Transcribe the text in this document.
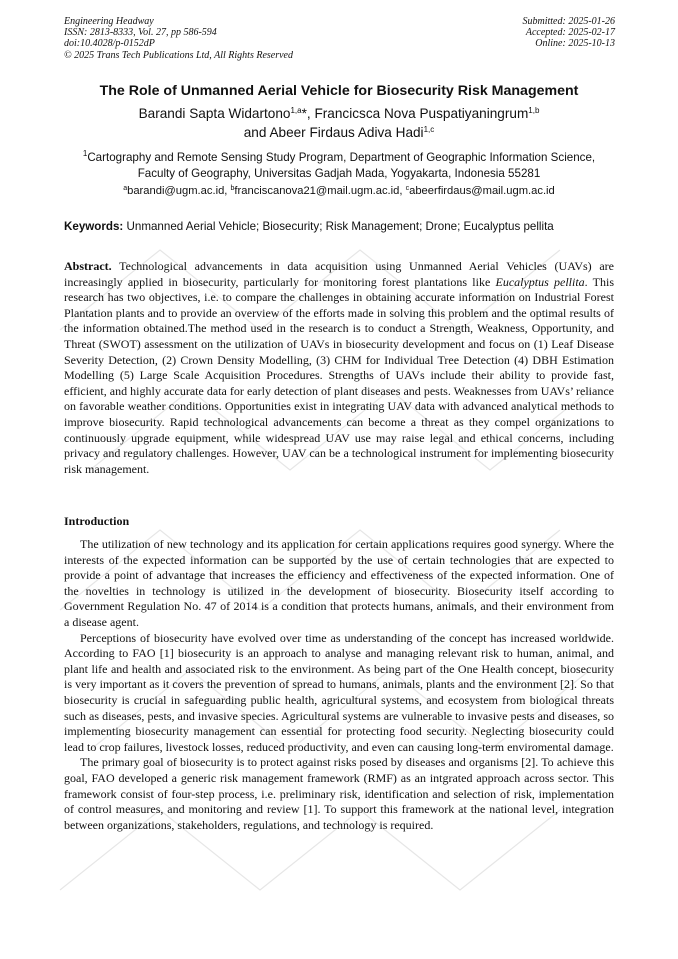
Engineering Headway
ISSN: 2813-8333, Vol. 27, pp 586-594
doi:10.4028/p-0152dP
© 2025 Trans Tech Publications Ltd, All Rights Reserved
Submitted: 2025-01-26
Accepted: 2025-02-17
Online: 2025-10-13
The Role of Unmanned Aerial Vehicle for Biosecurity Risk Management
Barandi Sapta Widartono$^{1,a}$*, Francicsca Nova Puspatiyaningrum$^{1,b}$
and Abeer Firdaus Adiva Hadi$^{1,c}$
$^1$Cartography and Remote Sensing Study Program, Department of Geographic Information Science, Faculty of Geography, Universitas Gadjah Mada, Yogyakarta, Indonesia 55281
$^a$barandi@ugm.ac.id, $^b$franciscanova21@mail.ugm.ac.id, $^c$abeerfirdaus@mail.ugm.ac.id
Keywords: Unmanned Aerial Vehicle; Biosecurity; Risk Management; Drone; Eucalyptus pellita

Abstract. Technological advancements in data acquisition using Unmanned Aerial Vehicles (UAVs) are increasingly applied in biosecurity, particularly for monitoring forest plantations like Eucalyptus pellita. This research has two objectives, i.e. to compare the challenges in obtaining accurate information on Industrial Forest Plantation plants and to provide an overview of the efforts made in solving this problem and the optimal results of the information obtained.The method used in the research is to conduct a Strength, Weakness, Opportunity, and Threat (SWOT) assessment on the utilization of UAVs in biosecurity development and focus on (1) Leaf Disease Severity Detection, (2) Crown Density Modelling, (3) CHM for Individual Tree Detection (4) DBH Estimation Modelling (5) Large Scale Acquisition Procedures. Strengths of UAVs include their ability to provide fast, efficient, and highly accurate data for early detection of plant diseases and pests. Weaknesses from UAVs’ reliance on favorable weather conditions. Opportunities exist in integrating UAV data with advanced analytical methods to improve biosecurity. Rapid technological advancements can become a threat as they compel organizations to continuously upgrade equipment, while widespread UAV use may raise legal and ethical concerns, including privacy and regulatory challenges. However, UAV can be a technological instrument for implementing biosecurity risk management.

Introduction

The utilization of new technology and its application for certain applications requires good synergy. Where the interests of the expected information can be supported by the use of certain technologies that are expected to provide a point of advantage that increases the efficiency and effectiveness of the expected information. One of the novelties in technology is utilized in the development of biosecurity. Biosecurity itself according to Government Regulation No. 47 of 2014 is a condition that protects humans, animals, and their environment from a disease agent.

Perceptions of biosecurity have evolved over time as understanding of the concept has increased worldwide. According to FAO [1] biosecurity is an approach to analyse and managing relevant risk to human, animal, and plant life and health and associated risk to the environment. As being part of the One Health concept, biosecurity is very important as it covers the prevention of spread to humans, animals, plants and the environment [2]. So that biosecurity is crucial in safeguarding public health, agricultural systems, and ecosystem from biological threats such as diseases, pests, and invasive species. Agricultural systems are vulnerable to invasive pests and diseases, so implementing biosecurity management can essential for protecting food security. Neglecting biosecurity could lead to crop failures, livestock losses, reduced productivity, and even can causing long-term enviromental damage.

The primary goal of biosecurity is to protect against risks posed by diseases and organisms [2]. To achieve this goal, FAO developed a generic risk management framework (RMF) as an intgrated approach across sector. This framework consist of four-step process, i.e. preliminary risk, identification and selection of risk, implementation of control measures, and monitoring and review [1]. To support this framework at the national level, integration between organizations, stakeholders, regulations, and technology is required.
